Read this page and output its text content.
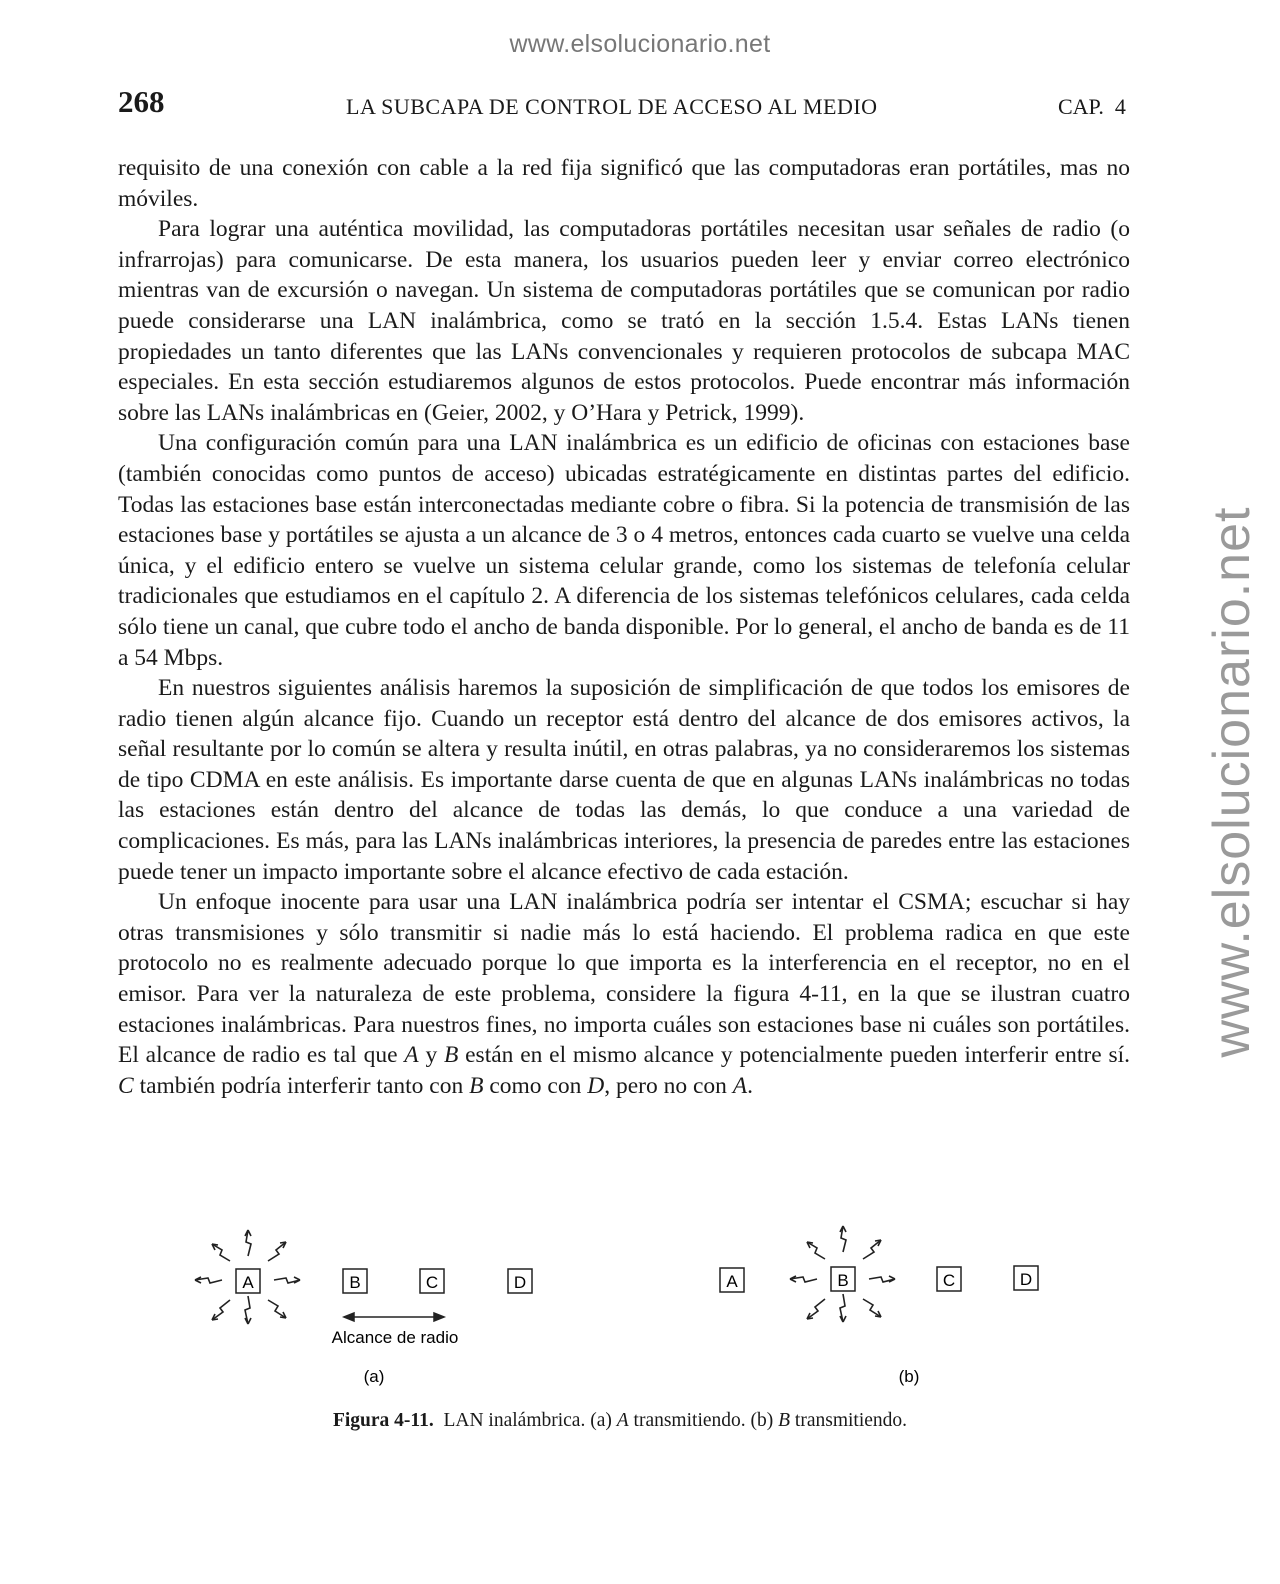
www.elsolucionario.net
www.elsolucionario.net
268	LA SUBCAPA DE CONTROL DE ACCESO AL MEDIO	CAP.  4

requisito de una conexión con cable a la red fija significó que las computadoras eran portátiles, mas no móviles.

Para lograr una auténtica movilidad, las computadoras portátiles necesitan usar señales de radio (o infrarrojas) para comunicarse. De esta manera, los usuarios pueden leer y enviar correo electrónico mientras van de excursión o navegan. Un sistema de computadoras portátiles que se comunican por radio puede considerarse una LAN inalámbrica, como se trató en la sección 1.5.4. Estas LANs tienen propiedades un tanto diferentes que las LANs convencionales y requieren protocolos de subcapa MAC especiales. En esta sección estudiaremos algunos de estos protocolos. Puede encontrar más información sobre las LANs inalámbricas en (Geier, 2002, y O’Hara y Petrick, 1999).

Una configuración común para una LAN inalámbrica es un edificio de oficinas con estaciones base (también conocidas como puntos de acceso) ubicadas estratégicamente en distintas partes del edificio. Todas las estaciones base están interconectadas mediante cobre o fibra. Si la potencia de transmisión de las estaciones base y portátiles se ajusta a un alcance de 3 o 4 metros, entonces cada cuarto se vuelve una celda única, y el edificio entero se vuelve un sistema celular grande, como los sistemas de telefonía celular tradicionales que estudiamos en el capítulo 2. A diferencia de los sistemas telefónicos celulares, cada celda sólo tiene un canal, que cubre todo el ancho de banda disponible. Por lo general, el ancho de banda es de 11 a 54 Mbps.

En nuestros siguientes análisis haremos la suposición de simplificación de que todos los emisores de radio tienen algún alcance fijo. Cuando un receptor está dentro del alcance de dos emisores activos, la señal resultante por lo común se altera y resulta inútil, en otras palabras, ya no consideraremos los sistemas de tipo CDMA en este análisis. Es importante darse cuenta de que en algunas LANs inalámbricas no todas las estaciones están dentro del alcance de todas las demás, lo que conduce a una variedad de complicaciones. Es más, para las LANs inalámbricas interiores, la presencia de paredes entre las estaciones puede tener un impacto importante sobre el alcance efectivo de cada estación.

Un enfoque inocente para usar una LAN inalámbrica podría ser intentar el CSMA; escuchar si hay otras transmisiones y sólo transmitir si nadie más lo está haciendo. El problema radica en que este protocolo no es realmente adecuado porque lo que importa es la interferencia en el receptor, no en el emisor. Para ver la naturaleza de este problema, considere la figura 4-11, en la que se ilustran cuatro estaciones inalámbricas. Para nuestros fines, no importa cuáles son estaciones base ni cuáles son portátiles. El alcance de radio es tal que A y B están en el mismo alcance y potencialmente pueden interferir entre sí. C también podría interferir tanto con B como con D, pero no con A.

A	B	C	D
Alcance de radio
(a)
A	B	C	D
(b)
Figura 4-11.  LAN inalámbrica. (a) A transmitiendo. (b) B transmitiendo.
